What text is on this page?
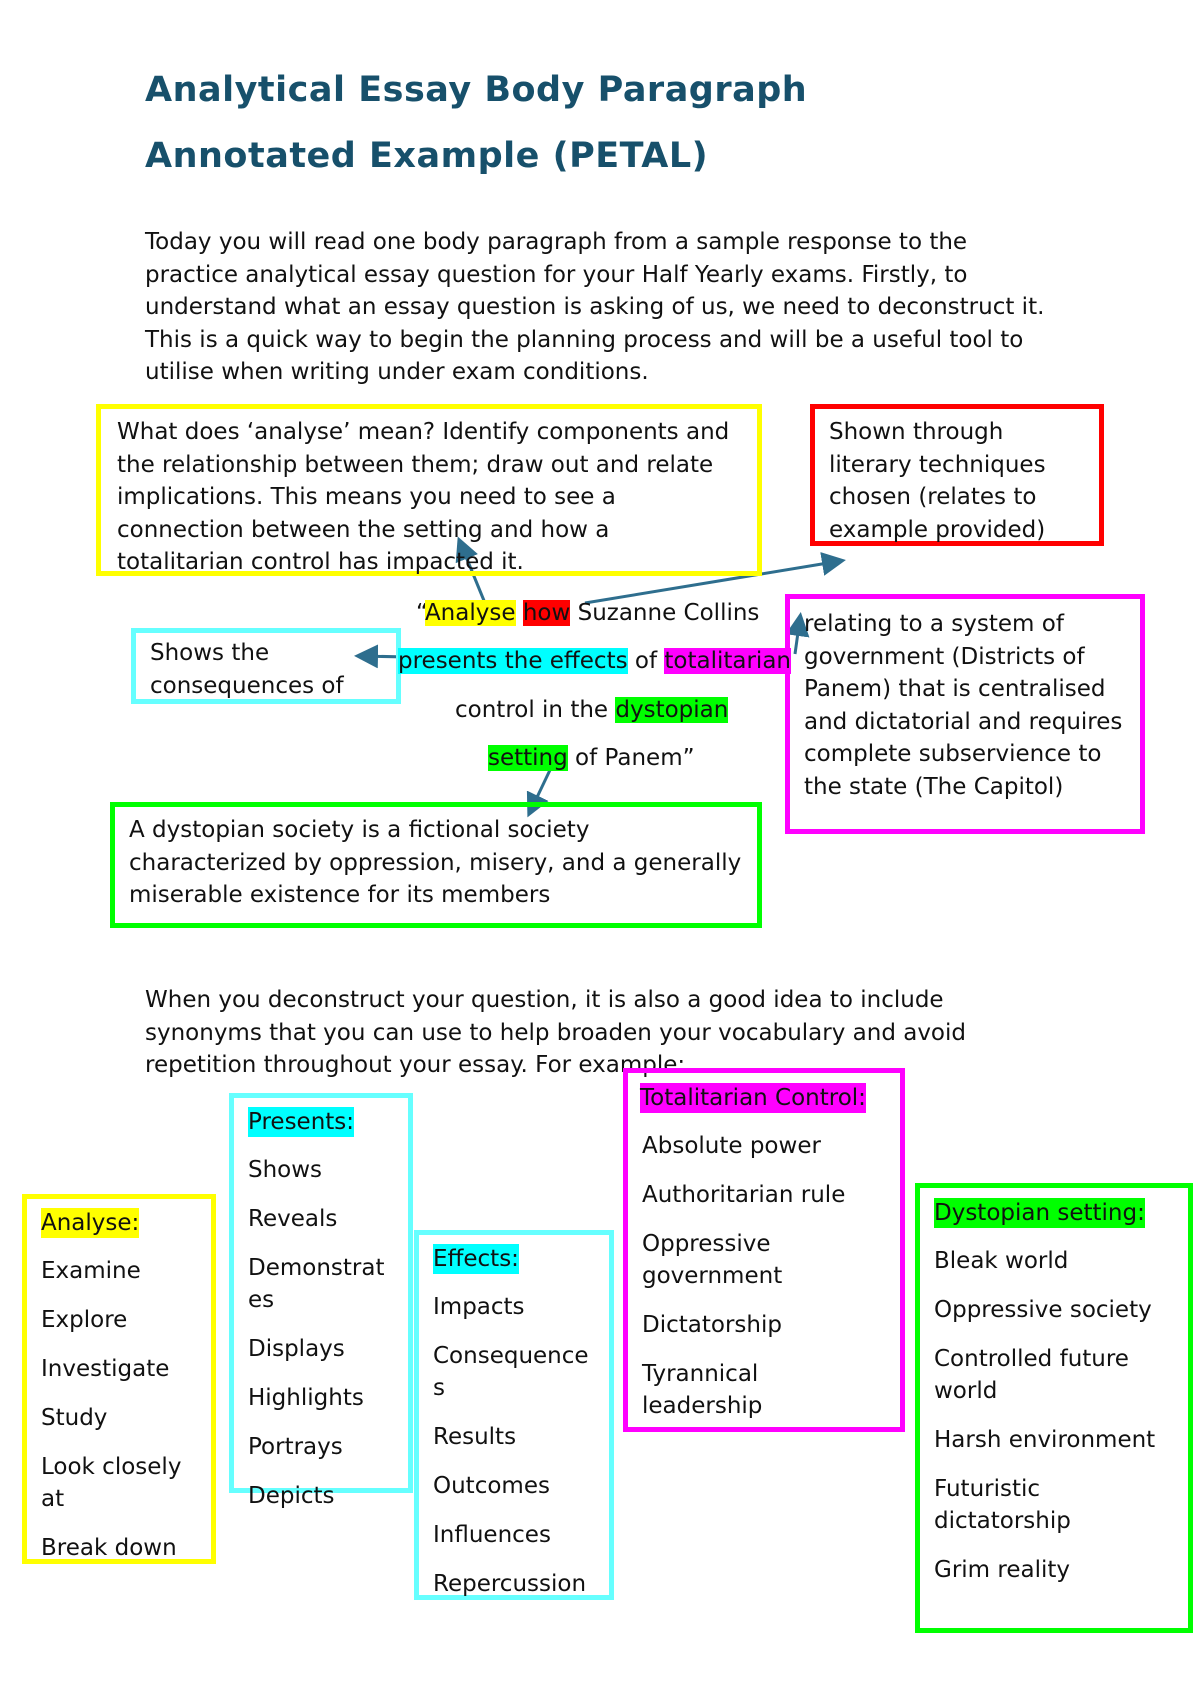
Analytical Essay Body Paragraph
Annotated Example (PETAL)

Today you will read one body paragraph from a sample response to the practice analytical essay question for your Half Yearly exams. Firstly, to understand what an essay question is asking of us, we need to deconstruct it. This is a quick way to begin the planning process and will be a useful tool to utilise when writing under exam conditions.

What does ‘analyse’ mean? Identify components and the relationship between them; draw out and relate implications. This means you need to see a connection between the setting and how a totalitarian control has impacted it.
Shown through literary techniques chosen (relates to example provided)
Shows the consequences of
relating to a system of government (Districts of Panem) that is centralised and dictatorial and requires complete subservience to the state (The Capitol)
A dystopian society is a fictional society characterized by oppression, misery, and a generally miserable existence for its members
“Analyse how Suzanne Collins
presents the effects of totalitarian
control in the dystopian
setting of Panem”

When you deconstruct your question, it is also a good idea to include synonyms that you can use to help broaden your vocabulary and avoid repetition throughout your essay. For example:

Analyse:
Examine
Explore
Investigate
Study
Look closely at
Break down
Presents:
Shows
Reveals
Demonstrates
Displays
Highlights
Portrays
Depicts
Effects:
Impacts
Consequences
Results
Outcomes
Influences
Repercussion
Totalitarian Control:
Absolute power
Authoritarian rule
Oppressive government
Dictatorship
Tyrannical leadership
Dystopian setting:
Bleak world
Oppressive society
Controlled future world
Harsh environment
Futuristic dictatorship
Grim reality
